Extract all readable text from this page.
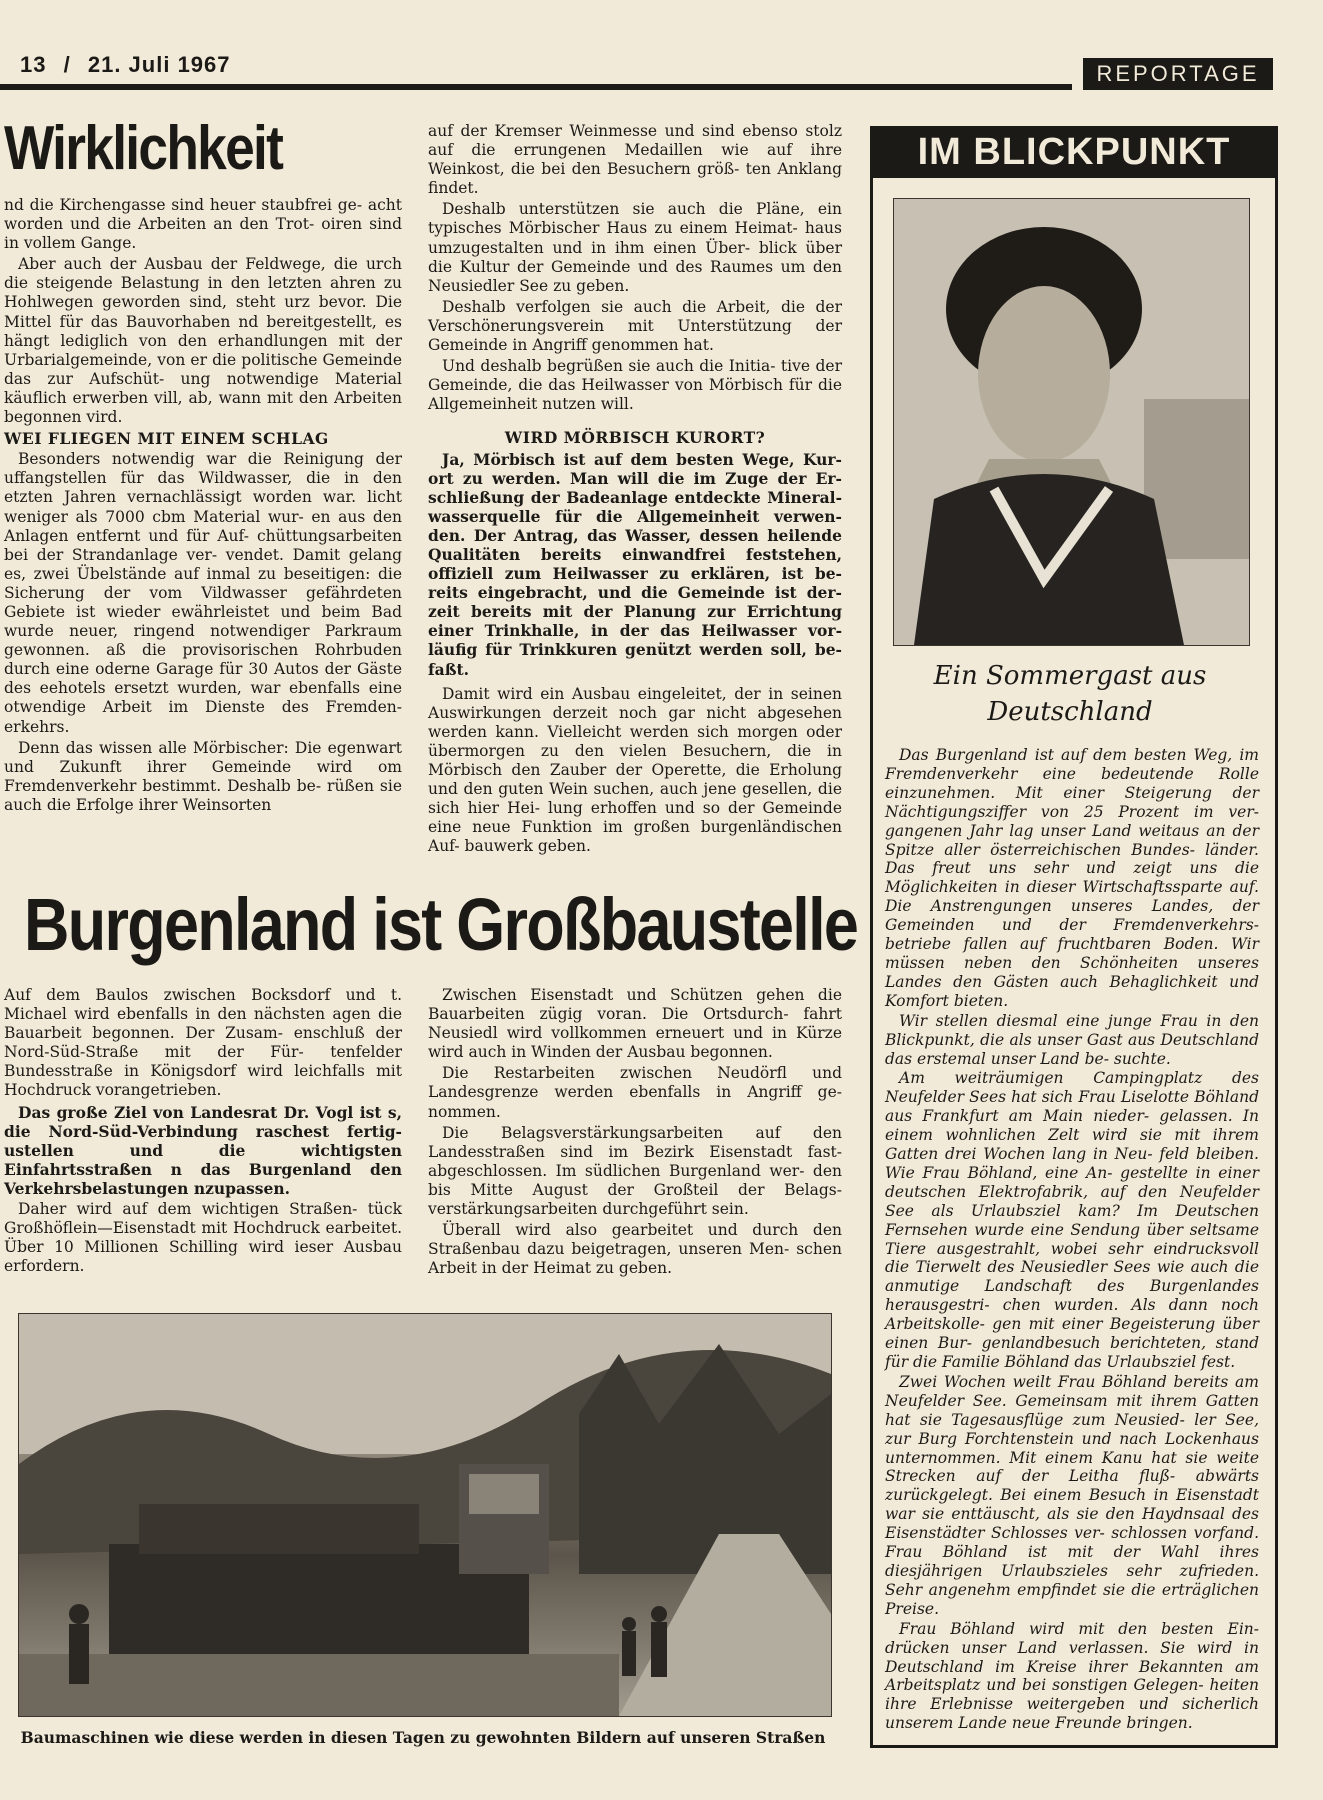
13 / 21. Juli 1967	REPORTAGE
Wirklichkeit

nd die Kirchengasse sind heuer staubfrei ge- acht worden und die Arbeiten an den Trot- oiren sind in vollem Gange.

Aber auch der Ausbau der Feldwege, die urch die steigende Belastung in den letzten ahren zu Hohlwegen geworden sind, steht urz bevor. Die Mittel für das Bauvorhaben nd bereitgestellt, es hängt lediglich von den erhandlungen mit der Urbarialgemeinde, von er die politische Gemeinde das zur Aufschüt- ung notwendige Material käuflich erwerben vill, ab, wann mit den Arbeiten begonnen vird.

WEI FLIEGEN MIT EINEM SCHLAG

Besonders notwendig war die Reinigung der uffangstellen für das Wildwasser, die in den etzten Jahren vernachlässigt worden war. licht weniger als 7000 cbm Material wur- en aus den Anlagen entfernt und für Auf- chüttungsarbeiten bei der Strandanlage ver- vendet. Damit gelang es, zwei Übelstände auf inmal zu beseitigen: die Sicherung der vom Vildwasser gefährdeten Gebiete ist wieder ewährleistet und beim Bad wurde neuer, ringend notwendiger Parkraum gewonnen. aß die provisorischen Rohrbuden durch eine oderne Garage für 30 Autos der Gäste des eehotels ersetzt wurden, war ebenfalls eine otwendige Arbeit im Dienste des Fremden- erkehrs.

Denn das wissen alle Mörbischer: Die egenwart und Zukunft ihrer Gemeinde wird om Fremdenverkehr bestimmt. Deshalb be- rüßen sie auch die Erfolge ihrer Weinsorten

auf der Kremser Weinmesse und sind ebenso stolz auf die errungenen Medaillen wie auf ihre Weinkost, die bei den Besuchern größ- ten Anklang findet.

Deshalb unterstützen sie auch die Pläne, ein typisches Mörbischer Haus zu einem Heimat- haus umzugestalten und in ihm einen Über- blick über die Kultur der Gemeinde und des Raumes um den Neusiedler See zu geben.

Deshalb verfolgen sie auch die Arbeit, die der Verschönerungsverein mit Unterstützung der Gemeinde in Angriff genommen hat.

Und deshalb begrüßen sie auch die Initia- tive der Gemeinde, die das Heilwasser von Mörbisch für die Allgemeinheit nutzen will.

WIRD MÖRBISCH KURORT?

Ja, Mörbisch ist auf dem besten Wege, Kur- ort zu werden. Man will die im Zuge der Er- schließung der Badeanlage entdeckte Mineral- wasserquelle für die Allgemeinheit verwen- den. Der Antrag, das Wasser, dessen heilende Qualitäten bereits einwandfrei feststehen, offiziell zum Heilwasser zu erklären, ist be- reits eingebracht, und die Gemeinde ist der- zeit bereits mit der Planung zur Errichtung einer Trinkhalle, in der das Heilwasser vor- läufig für Trinkkuren genützt werden soll, be- faßt.

Damit wird ein Ausbau eingeleitet, der in seinen Auswirkungen derzeit noch gar nicht abgesehen werden kann. Vielleicht werden sich morgen oder übermorgen zu den vielen Besuchern, die in Mörbisch den Zauber der Operette, die Erholung und den guten Wein suchen, auch jene gesellen, die sich hier Hei- lung erhoffen und so der Gemeinde eine neue Funktion im großen burgenländischen Auf- bauwerk geben.

Burgenland ist Großbaustelle

Auf dem Baulos zwischen Bocksdorf und t. Michael wird ebenfalls in den nächsten agen die Bauarbeit begonnen. Der Zusam- enschluß der Nord-Süd-Straße mit der Für- tenfelder Bundesstraße in Königsdorf wird leichfalls mit Hochdruck vorangetrieben.

Das große Ziel von Landesrat Dr. Vogl ist s, die Nord-Süd-Verbindung raschest fertig- ustellen und die wichtigsten Einfahrtsstraßen n das Burgenland den Verkehrsbelastungen nzupassen.

Daher wird auf dem wichtigen Straßen- tück Großhöflein—Eisenstadt mit Hochdruck earbeitet. Über 10 Millionen Schilling wird ieser Ausbau erfordern.

Zwischen Eisenstadt und Schützen gehen die Bauarbeiten zügig voran. Die Ortsdurch- fahrt Neusiedl wird vollkommen erneuert und in Kürze wird auch in Winden der Ausbau begonnen.

Die Restarbeiten zwischen Neudörfl und Landesgrenze werden ebenfalls in Angriff ge- nommen.

Die Belagsverstärkungsarbeiten auf den Landesstraßen sind im Bezirk Eisenstadt fast- abgeschlossen. Im südlichen Burgenland wer- den bis Mitte August der Großteil der Belags- verstärkungsarbeiten durchgeführt sein.

Überall wird also gearbeitet und durch den Straßenbau dazu beigetragen, unseren Men- schen Arbeit in der Heimat zu geben.

Baumaschinen wie diese werden in diesen Tagen zu gewohnten Bildern auf unseren Straßen
IM BLICKPUNKT
Ein Sommergast aus
Deutschland

Das Burgenland ist auf dem besten Weg, im Fremdenverkehr eine bedeutende Rolle einzunehmen. Mit einer Steigerung der Nächtigungsziffer von 25 Prozent im ver- gangenen Jahr lag unser Land weitaus an der Spitze aller österreichischen Bundes- länder. Das freut uns sehr und zeigt uns die Möglichkeiten in dieser Wirtschaftssparte auf. Die Anstrengungen unseres Landes, der Gemeinden und der Fremdenverkehrs- betriebe fallen auf fruchtbaren Boden. Wir müssen neben den Schönheiten unseres Landes den Gästen auch Behaglichkeit und Komfort bieten.

Wir stellen diesmal eine junge Frau in den Blickpunkt, die als unser Gast aus Deutschland das erstemal unser Land be- suchte.

Am weiträumigen Campingplatz des Neufelder Sees hat sich Frau Liselotte Böhland aus Frankfurt am Main nieder- gelassen. In einem wohnlichen Zelt wird sie mit ihrem Gatten drei Wochen lang in Neu- feld bleiben. Wie Frau Böhland, eine An- gestellte in einer deutschen Elektrofabrik, auf den Neufelder See als Urlaubsziel kam? Im Deutschen Fernsehen wurde eine Sendung über seltsame Tiere ausgestrahlt, wobei sehr eindrucksvoll die Tierwelt des Neusiedler Sees wie auch die anmutige Landschaft des Burgenlandes herausgestri- chen wurden. Als dann noch Arbeitskolle- gen mit einer Begeisterung über einen Bur- genlandbesuch berichteten, stand für die Familie Böhland das Urlaubsziel fest.

Zwei Wochen weilt Frau Böhland bereits am Neufelder See. Gemeinsam mit ihrem Gatten hat sie Tagesausflüge zum Neusied- ler See, zur Burg Forchtenstein und nach Lockenhaus unternommen. Mit einem Kanu hat sie weite Strecken auf der Leitha fluß- abwärts zurückgelegt. Bei einem Besuch in Eisenstadt war sie enttäuscht, als sie den Haydnsaal des Eisenstädter Schlosses ver- schlossen vorfand. Frau Böhland ist mit der Wahl ihres diesjährigen Urlaubszieles sehr zufrieden. Sehr angenehm empfindet sie die erträglichen Preise.

Frau Böhland wird mit den besten Ein- drücken unser Land verlassen. Sie wird in Deutschland im Kreise ihrer Bekannten am Arbeitsplatz und bei sonstigen Gelegen- heiten ihre Erlebnisse weitergeben und sicherlich unserem Lande neue Freunde bringen.
